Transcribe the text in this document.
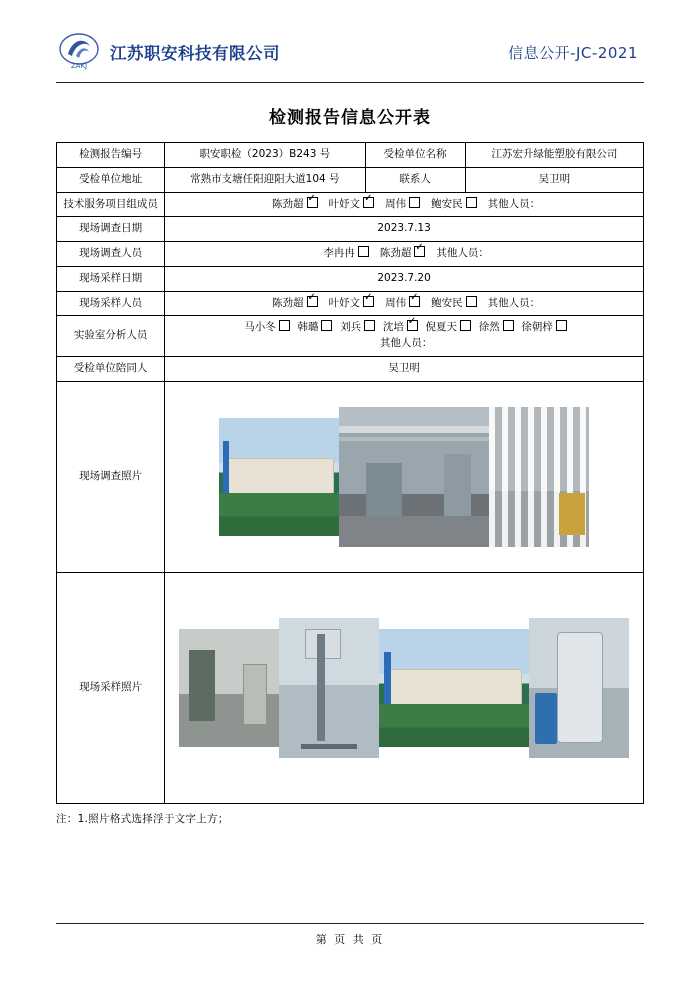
ZAKJ
江苏职安科技有限公司	信息公开-JC-2021
检测报告信息公开表
检测报告编号	职安职检（2023）B243 号	受检单位名称	江苏宏升绿能塑胶有限公司
受检单位地址	常熟市支塘任阳迎阳大道104 号	联系人	吴卫明
技术服务项目组成员	陈劲超 ✓ 叶妤文 ✓ 周伟 鲍安民 其他人员：
现场调查日期	2023.7.13		
现场调查人员	李冉冉 陈劲超 ✓ 其他人员：
现场采样日期	2023.7.20		
现场采样人员	陈劲超 ✓ 叶妤文 ✓ 周伟 ✓ 鲍安民 其他人员：
实验室分析人员	马小冬 韩璐 刘兵 沈培 ✓ 倪夏天 徐然 徐朝梓
其他人员：

受检单位陪同人	吴卫明		
现场调查照片			

现场采样照片			
注：1.照片格式选择浮于文字上方；
第 页 共 页
